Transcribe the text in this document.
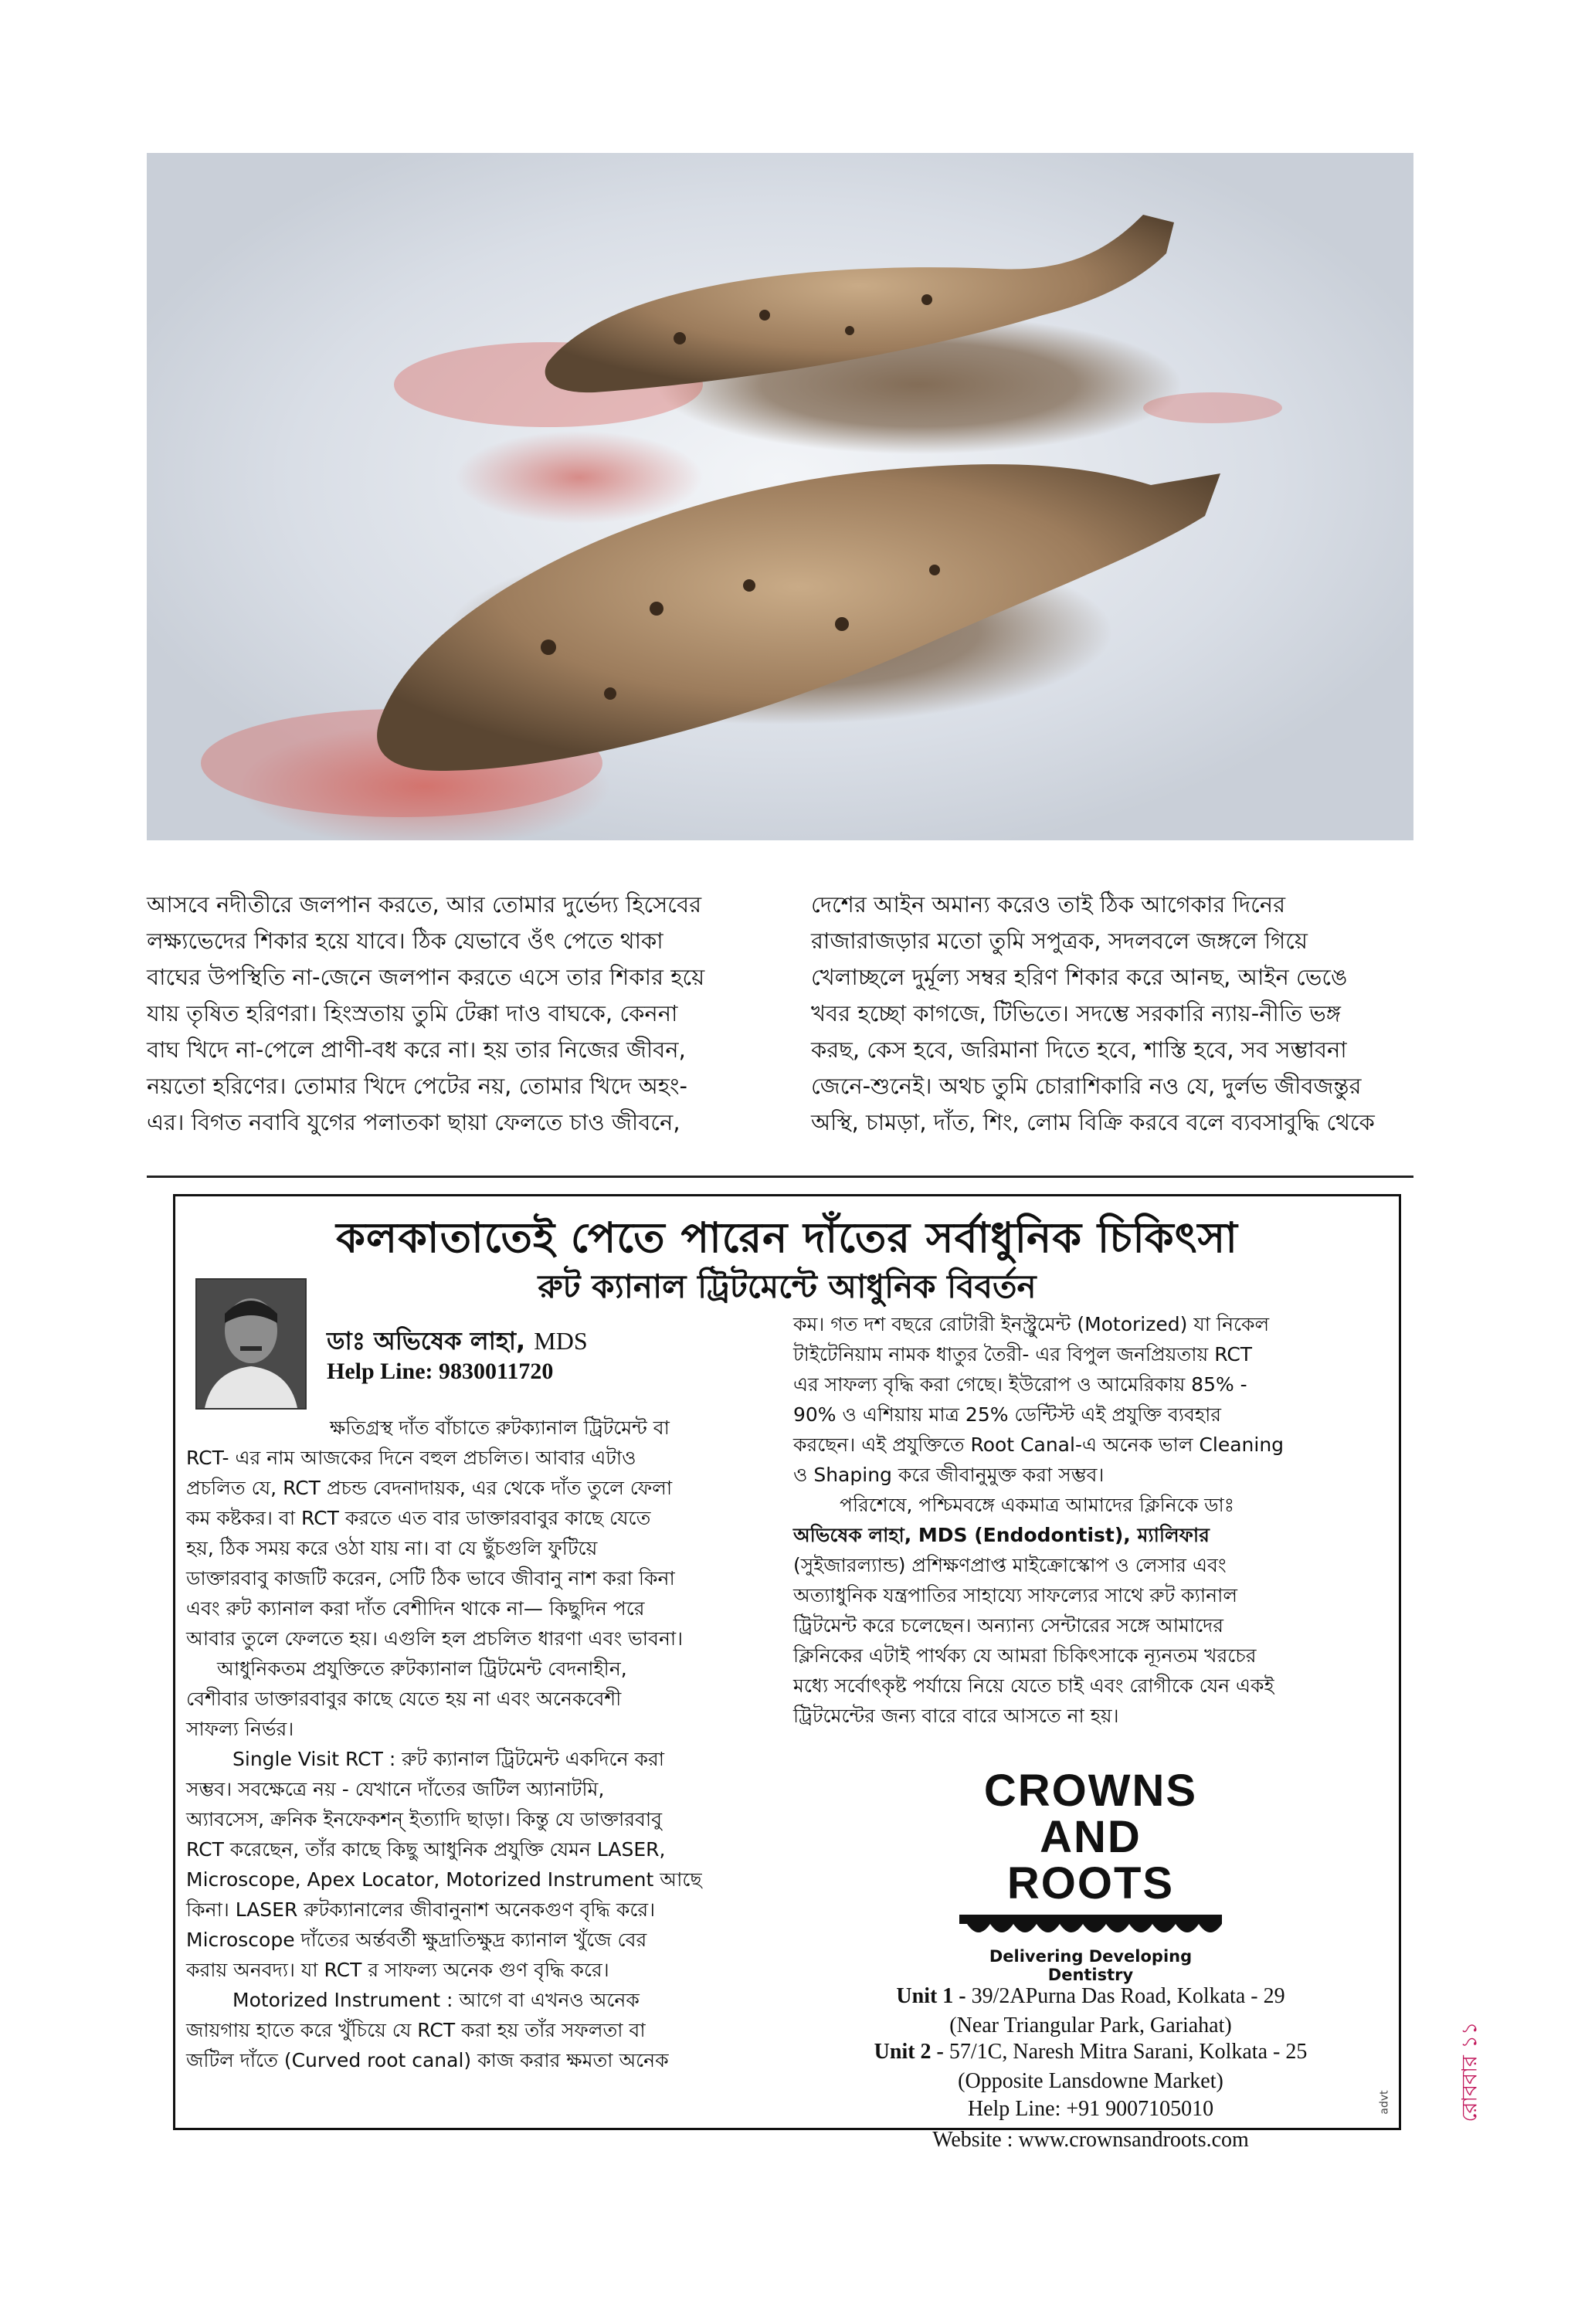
আসবে নদীতীরে জলপান করতে, আর তোমার দুর্ভেদ্য হিসেবের
লক্ষ্যভেদের শিকার হয়ে যাবে। ঠিক যেভাবে ওঁৎ পেতে থাকা
বাঘের উপস্থিতি না-জেনে জলপান করতে এসে তার শিকার হয়ে
যায় তৃষিত হরিণরা। হিংস্রতায় তুমি টেক্কা দাও বাঘকে, কেননা
বাঘ খিদে না-পেলে প্রাণী-বধ করে না। হয় তার নিজের জীবন,
নয়তো হরিণের। তোমার খিদে পেটের নয়, তোমার খিদে অহং-
এর। বিগত নবাবি যুগের পলাতকা ছায়া ফেলতে চাও জীবনে,
দেশের আইন অমান্য করেও তাই ঠিক আগেকার দিনের
রাজারাজড়ার মতো তুমি সপুত্রক, সদলবলে জঙ্গলে গিয়ে
খেলাচ্ছলে দুর্মূল্য সম্বর হরিণ শিকার করে আনছ, আইন ভেঙে
খবর হচ্ছো কাগজে, টিভিতে। সদম্ভে সরকারি ন্যায়-নীতি ভঙ্গ
করছ, কেস হবে, জরিমানা দিতে হবে, শাস্তি হবে, সব সম্ভাবনা
জেনে-শুনেই। অথচ তুমি চোরাশিকারি নও যে, দুর্লভ জীবজন্তুর
অস্থি, চামড়া, দাঁত, শিং, লোম বিক্রি করবে বলে ব্যবসাবুদ্ধি থেকে
কলকাতাতেই পেতে পারেন দাঁতের সর্বাধুনিক চিকিৎসা
রুট ক্যানাল ট্রিটমেন্টে আধুনিক বিবর্তন
ডাঃ অভিষেক লাহা, MDS
Help Line: 9830011720
ক্ষতিগ্রস্থ দাঁত বাঁচাতে রুটক্যানাল ট্রিটমেন্ট বা
RCT- এর নাম আজকের দিনে বহুল প্রচলিত। আবার এটাও
প্রচলিত যে, RCT প্রচন্ড বেদনাদায়ক, এর থেকে দাঁত তুলে ফেলা
কম কষ্টকর। বা RCT করতে এত বার ডাক্তারবাবুর কাছে যেতে
হয়, ঠিক সময় করে ওঠা যায় না। বা যে ছুঁচগুলি ফুটিয়ে
ডাক্তারবাবু কাজটি করেন, সেটি ঠিক ভাবে জীবানু নাশ করা কিনা
এবং রুট ক্যানাল করা দাঁত বেশীদিন থাকে না— কিছুদিন পরে
আবার তুলে ফেলতে হয়। এগুলি হল প্রচলিত ধারণা এবং ভাবনা।
আধুনিকতম প্রযুক্তিতে রুটক্যানাল ট্রিটমেন্ট বেদনাহীন,
বেশীবার ডাক্তারবাবুর কাছে যেতে হয় না এবং অনেকবেশী
সাফল্য নির্ভর।
Single Visit RCT : রুট ক্যানাল ট্রিটমেন্ট একদিনে করা
সম্ভব। সবক্ষেত্রে নয় - যেখানে দাঁতের জটিল অ্যানাটমি,
অ্যাবসেস, ক্রনিক ইনফেকশন্ ইত্যাদি ছাড়া। কিন্তু যে ডাক্তারবাবু
RCT করেছেন, তাঁর কাছে কিছু আধুনিক প্রযুক্তি যেমন LASER,
Microscope, Apex Locator, Motorized Instrument আছে
কিনা। LASER রুটক্যানালের জীবানুনাশ অনেকগুণ বৃদ্ধি করে।
Microscope দাঁতের অর্ন্তবর্তী ক্ষুদ্রাতিক্ষুদ্র ক্যানাল খুঁজে বের
করায় অনবদ্য। যা RCT র সাফল্য অনেক গুণ বৃদ্ধি করে।
Motorized Instrument : আগে বা এখনও অনেক
জায়গায় হাতে করে খুঁচিয়ে যে RCT করা হয় তাঁর সফলতা বা
জটিল দাঁতে (Curved root canal) কাজ করার ক্ষমতা অনেক
কম। গত দশ বছরে রোটারী ইনস্ট্রুমেন্ট (Motorized) যা নিকেল
টাইটেনিয়াম নামক ধাতুর তৈরী- এর বিপুল জনপ্রিয়তায় RCT
এর সাফল্য বৃদ্ধি করা গেছে। ইউরোপ ও আমেরিকায় 85% -
90% ও এশিয়ায় মাত্র 25% ডেন্টিস্ট এই প্রযুক্তি ব্যবহার
করছেন। এই প্রযুক্তিতে Root Canal-এ অনেক ভাল Cleaning
ও Shaping করে জীবানুমুক্ত করা সম্ভব।
পরিশেষে, পশ্চিমবঙ্গে একমাত্র আমাদের ক্লিনিকে ডাঃ
অভিষেক লাহা, MDS (Endodontist), ম্যালিফার
(সুইজারল্যান্ড) প্রশিক্ষণপ্রাপ্ত মাইক্রোস্কোপ ও লেসার এবং
অত্যাধুনিক যন্ত্রপাতির সাহায্যে সাফল্যের সাথে রুট ক্যানাল
ট্রিটমেন্ট করে চলেছেন। অন্যান্য সেন্টারের সঙ্গে আমাদের
ক্লিনিকের এটাই পার্থক্য যে আমরা চিকিৎসাকে ন্যূনতম খরচের
মধ্যে সর্বোৎকৃষ্ট পর্যায়ে নিয়ে যেতে চাই এবং রোগীকে যেন একই
ট্রিটমেন্টের জন্য বারে বারে আসতে না হয়।
CROWNS
AND ROOTS
Delivering Developing Dentistry
Unit 1 - 39/2APurna Das Road, Kolkata - 29
(Near Triangular Park, Gariahat)
Unit 2 - 57/1C, Naresh Mitra Sarani, Kolkata - 25
(Opposite Lansdowne Market)
Help Line: +91 9007105010
Website : www.crownsandroots.com
advt	রোববার ১১
